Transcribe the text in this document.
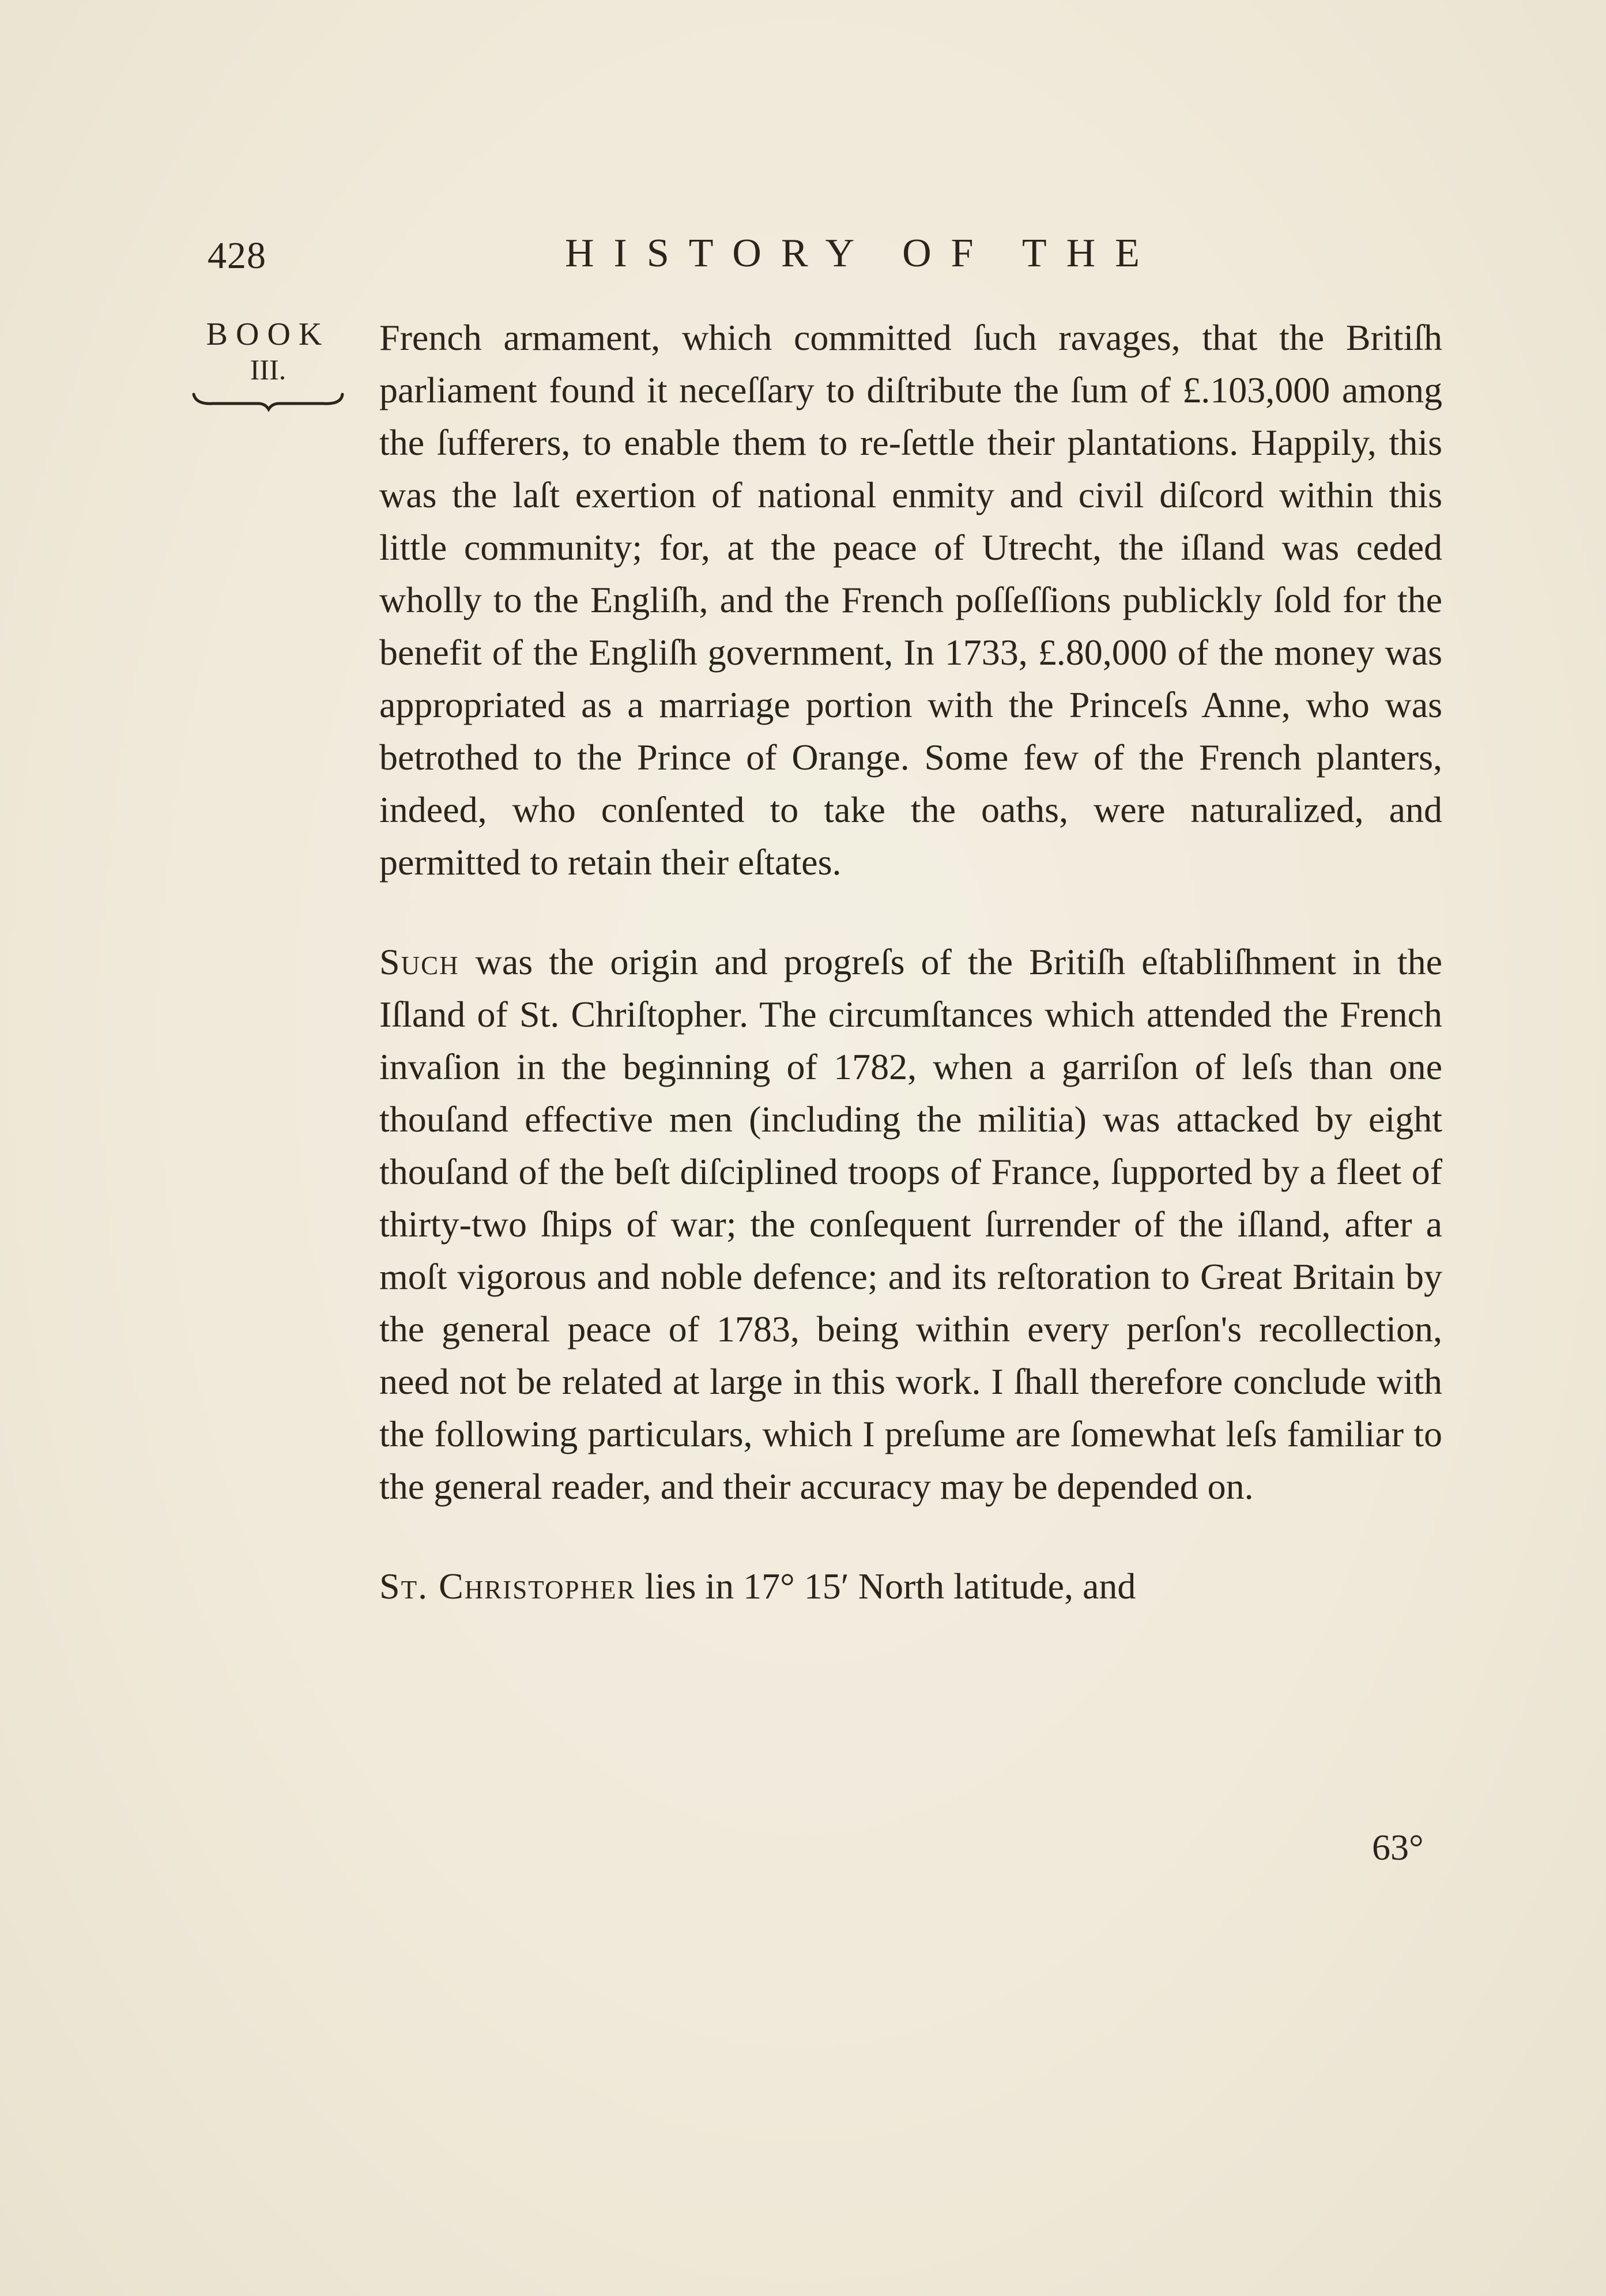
428	HISTORY OF THE
BOOK
III.

French armament, which committed ſuch ravages, that the Britiſh parliament found it neceſſary to diſtribute the ſum of £.103,000 among the ſufferers, to enable them to re-ſettle their plantations. Happily, this was the laſt exertion of national enmity and civil diſcord within this little community; for, at the peace of Utrecht, the iſland was ceded wholly to the Engliſh, and the French poſſeſſions publickly ſold for the benefit of the Engliſh government, In 1733, £.80,000 of the money was appropriated as a marriage portion with the Princeſs Anne, who was betrothed to the Prince of Orange. Some few of the French planters, indeed, who conſented to take the oaths, were naturalized, and permitted to retain their eſtates.

Such was the origin and progreſs of the Britiſh eſtabliſhment in the Iſland of St. Chriſtopher. The circumſtances which attended the French invaſion in the beginning of 1782, when a garriſon of leſs than one thouſand effective men (including the militia) was attacked by eight thouſand of the beſt diſciplined troops of France, ſupported by a fleet of thirty-two ſhips of war; the conſequent ſurrender of the iſland, after a moſt vigorous and noble defence; and its reſtoration to Great Britain by the general peace of 1783, being within every perſon's recollection, need not be related at large in this work. I ſhall therefore conclude with the following particulars, which I preſume are ſomewhat leſs familiar to the general reader, and their accuracy may be depended on.

St. Christopher lies in 17° 15′ North latitude, and

63°
